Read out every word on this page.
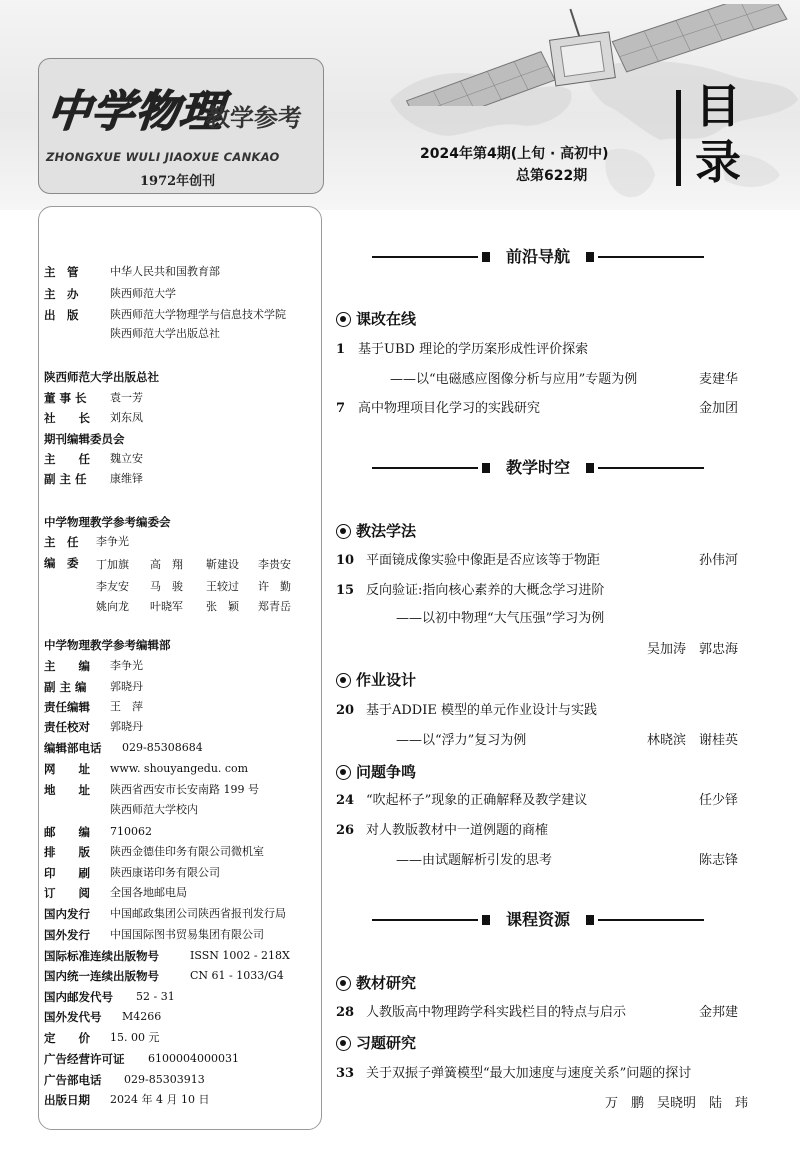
中学物理
教学参考
ZHONGXUE WULI JIAOXUE CANKAO
1972年创刊
2024年第4期(上旬 · 高初中)
总第622期
目
录
主　管	中华人民共和国教育部
主　办	陕西师范大学
出　版	陕西师范大学物理学与信息技术学院
陕西师范大学出版总社
陕西师范大学出版总社
董 事 长 袁一芳
社　　长 刘东凤
期刊编辑委员会
主　　任 魏立安
副 主 任 康维铎
中学物理教学参考编委会
主　任 李争光
编　委	丁加旗 高　翔 靳建设 李贵安
李友安 马　骏 王较过 许　勤
姚向龙 叶晓军 张　颖 郑青岳
中学物理教学参考编辑部
主　　编 李争光
副 主 编 郭晓丹
责任编辑 王　萍
责任校对 郭晓丹
编辑部电话 029-85308684
网　　址 www. shouyangedu. com
地　　址 陕西省西安市长安南路 199 号
陕西师范大学校内
邮　　编 710062
排　　版 陕西金德佳印务有限公司微机室
印　　刷 陕西康诺印务有限公司
订　　阅 全国各地邮电局
国内发行 中国邮政集团公司陕西省报刊发行局
国外发行 中国国际图书贸易集团有限公司
国际标准连续出版物号	ISSN 1002 - 218X
国内统一连续出版物号	CN 61 - 1033/G4
国内邮发代号 52 - 31
国外发代号 M4266
定　　价 15. 00 元
广告经营许可证 6100004000031
广告部电话 029-85303913
出版日期 2024 年 4 月 10 日
前沿导航
课改在线
1 基于UBD 理论的学历案形成性评价探索
——以“电磁感应图像分析与应用”专题为例	麦建华
7 高中物理项目化学习的实践研究	金加团
教学时空
教法学法
10 平面镜成像实验中像距是否应该等于物距	孙伟河
15 反向验证:指向核心素养的大概念学习进阶
——以初中物理“大气压强”学习为例
吴加涛　郭忠海
作业设计
20 基于ADDIE 模型的单元作业设计与实践
——以“浮力”复习为例	林晓滨　谢桂英
问题争鸣
24 “吹起杯子”现象的正确解释及教学建议	任少铎
26 对人教版教材中一道例题的商榷
——由试题解析引发的思考	陈志锋
课程资源
教材研究
28 人教版高中物理跨学科实践栏目的特点与启示	金邦建
习题研究
33 关于双振子弹簧模型“最大加速度与速度关系”问题的探讨
万　鹏　吴晓明　陆　玮
